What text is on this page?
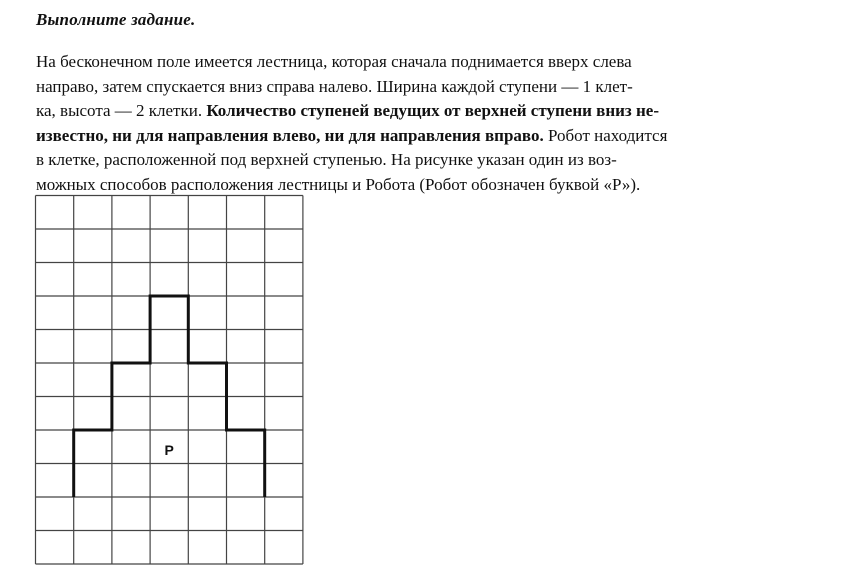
Выполните задание.
На бесконечном поле имеется лестница, которая сначала поднимается вверх слева
направо, затем спускается вниз справа налево. Ширина каждой ступени — 1 клет-
ка, высота — 2 клетки. Количество ступеней ведущих от верхней ступени вниз не-
известно, ни для направления влево, ни для направления вправо. Робот находится
в клетке, расположенной под верхней ступенью. На рисунке указан один из воз-
можных способов расположения лестницы и Робота (Робот обозначен буквой «Р»).
Р
